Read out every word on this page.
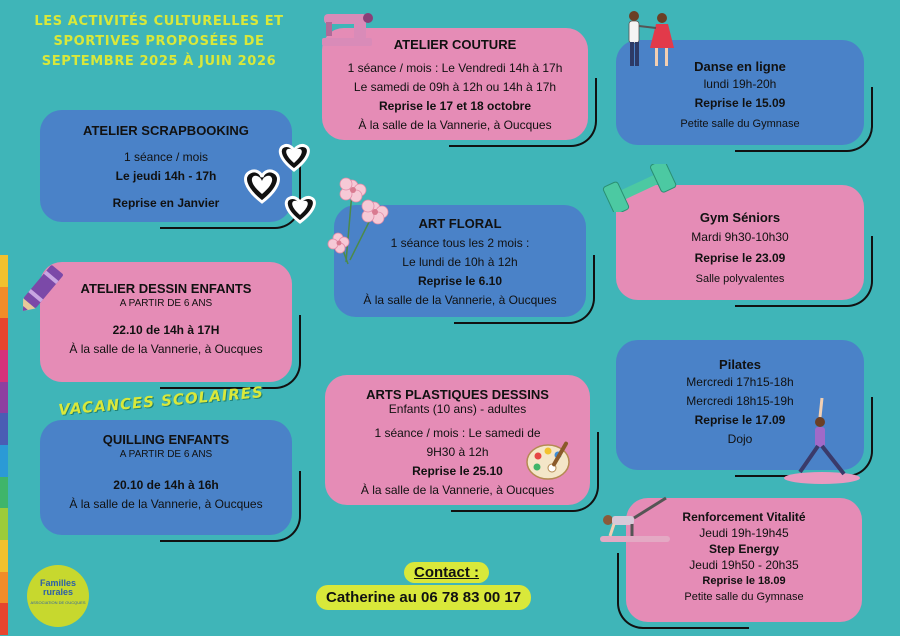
LES ACTIVITÉS CULTURELLES ET
SPORTIVES PROPOSÉES DE
SEPTEMBRE 2025 À JUIN 2026
ATELIER SCRAPBOOKING
1 séance / mois
Le jeudi 14h - 17h
Reprise en Janvier
ATELIER DESSIN ENFANTS
A PARTIR DE 6 ANS
22.10 de 14h à 17H
À la salle de la Vannerie, à Oucques
VACANCES SCOLAIRES
QUILLING ENFANTS
A PARTIR DE 6 ANS
20.10 de 14h à 16h
À la salle de la Vannerie, à Oucques
ATELIER COUTURE
1 séance / mois : Le Vendredi 14h à 17h
Le samedi de 09h à 12h ou 14h à 17h
Reprise le 17 et 18 octobre
À la salle de la Vannerie, à Oucques
ART FLORAL
1 séance tous les 2 mois :
Le lundi de 10h à 12h
Reprise le 6.10
À la salle de la Vannerie, à Oucques
ARTS PLASTIQUES DESSINS
Enfants (10 ans) - adultes
1 séance / mois : Le samedi de
9H30 à 12h
Reprise le 25.10
À la salle de la Vannerie, à Oucques
Danse en ligne
lundi 19h-20h
Reprise le 15.09
Petite salle du Gymnase
Gym Séniors
Mardi 9h30-10h30
Reprise le 23.09
Salle polyvalentes
Pilates
Mercredi 17h15-18h
Mercredi 18h15-19h
Reprise le 17.09
Dojo
Renforcement Vitalité
Jeudi 19h-19h45
Step Energy
Jeudi 19h50 - 20h35
Reprise le 18.09
Petite salle du Gymnase
Contact :
Catherine au 06 78 83 00 17
Familles
rurales
ASSOCIATION DE OUCQUES
